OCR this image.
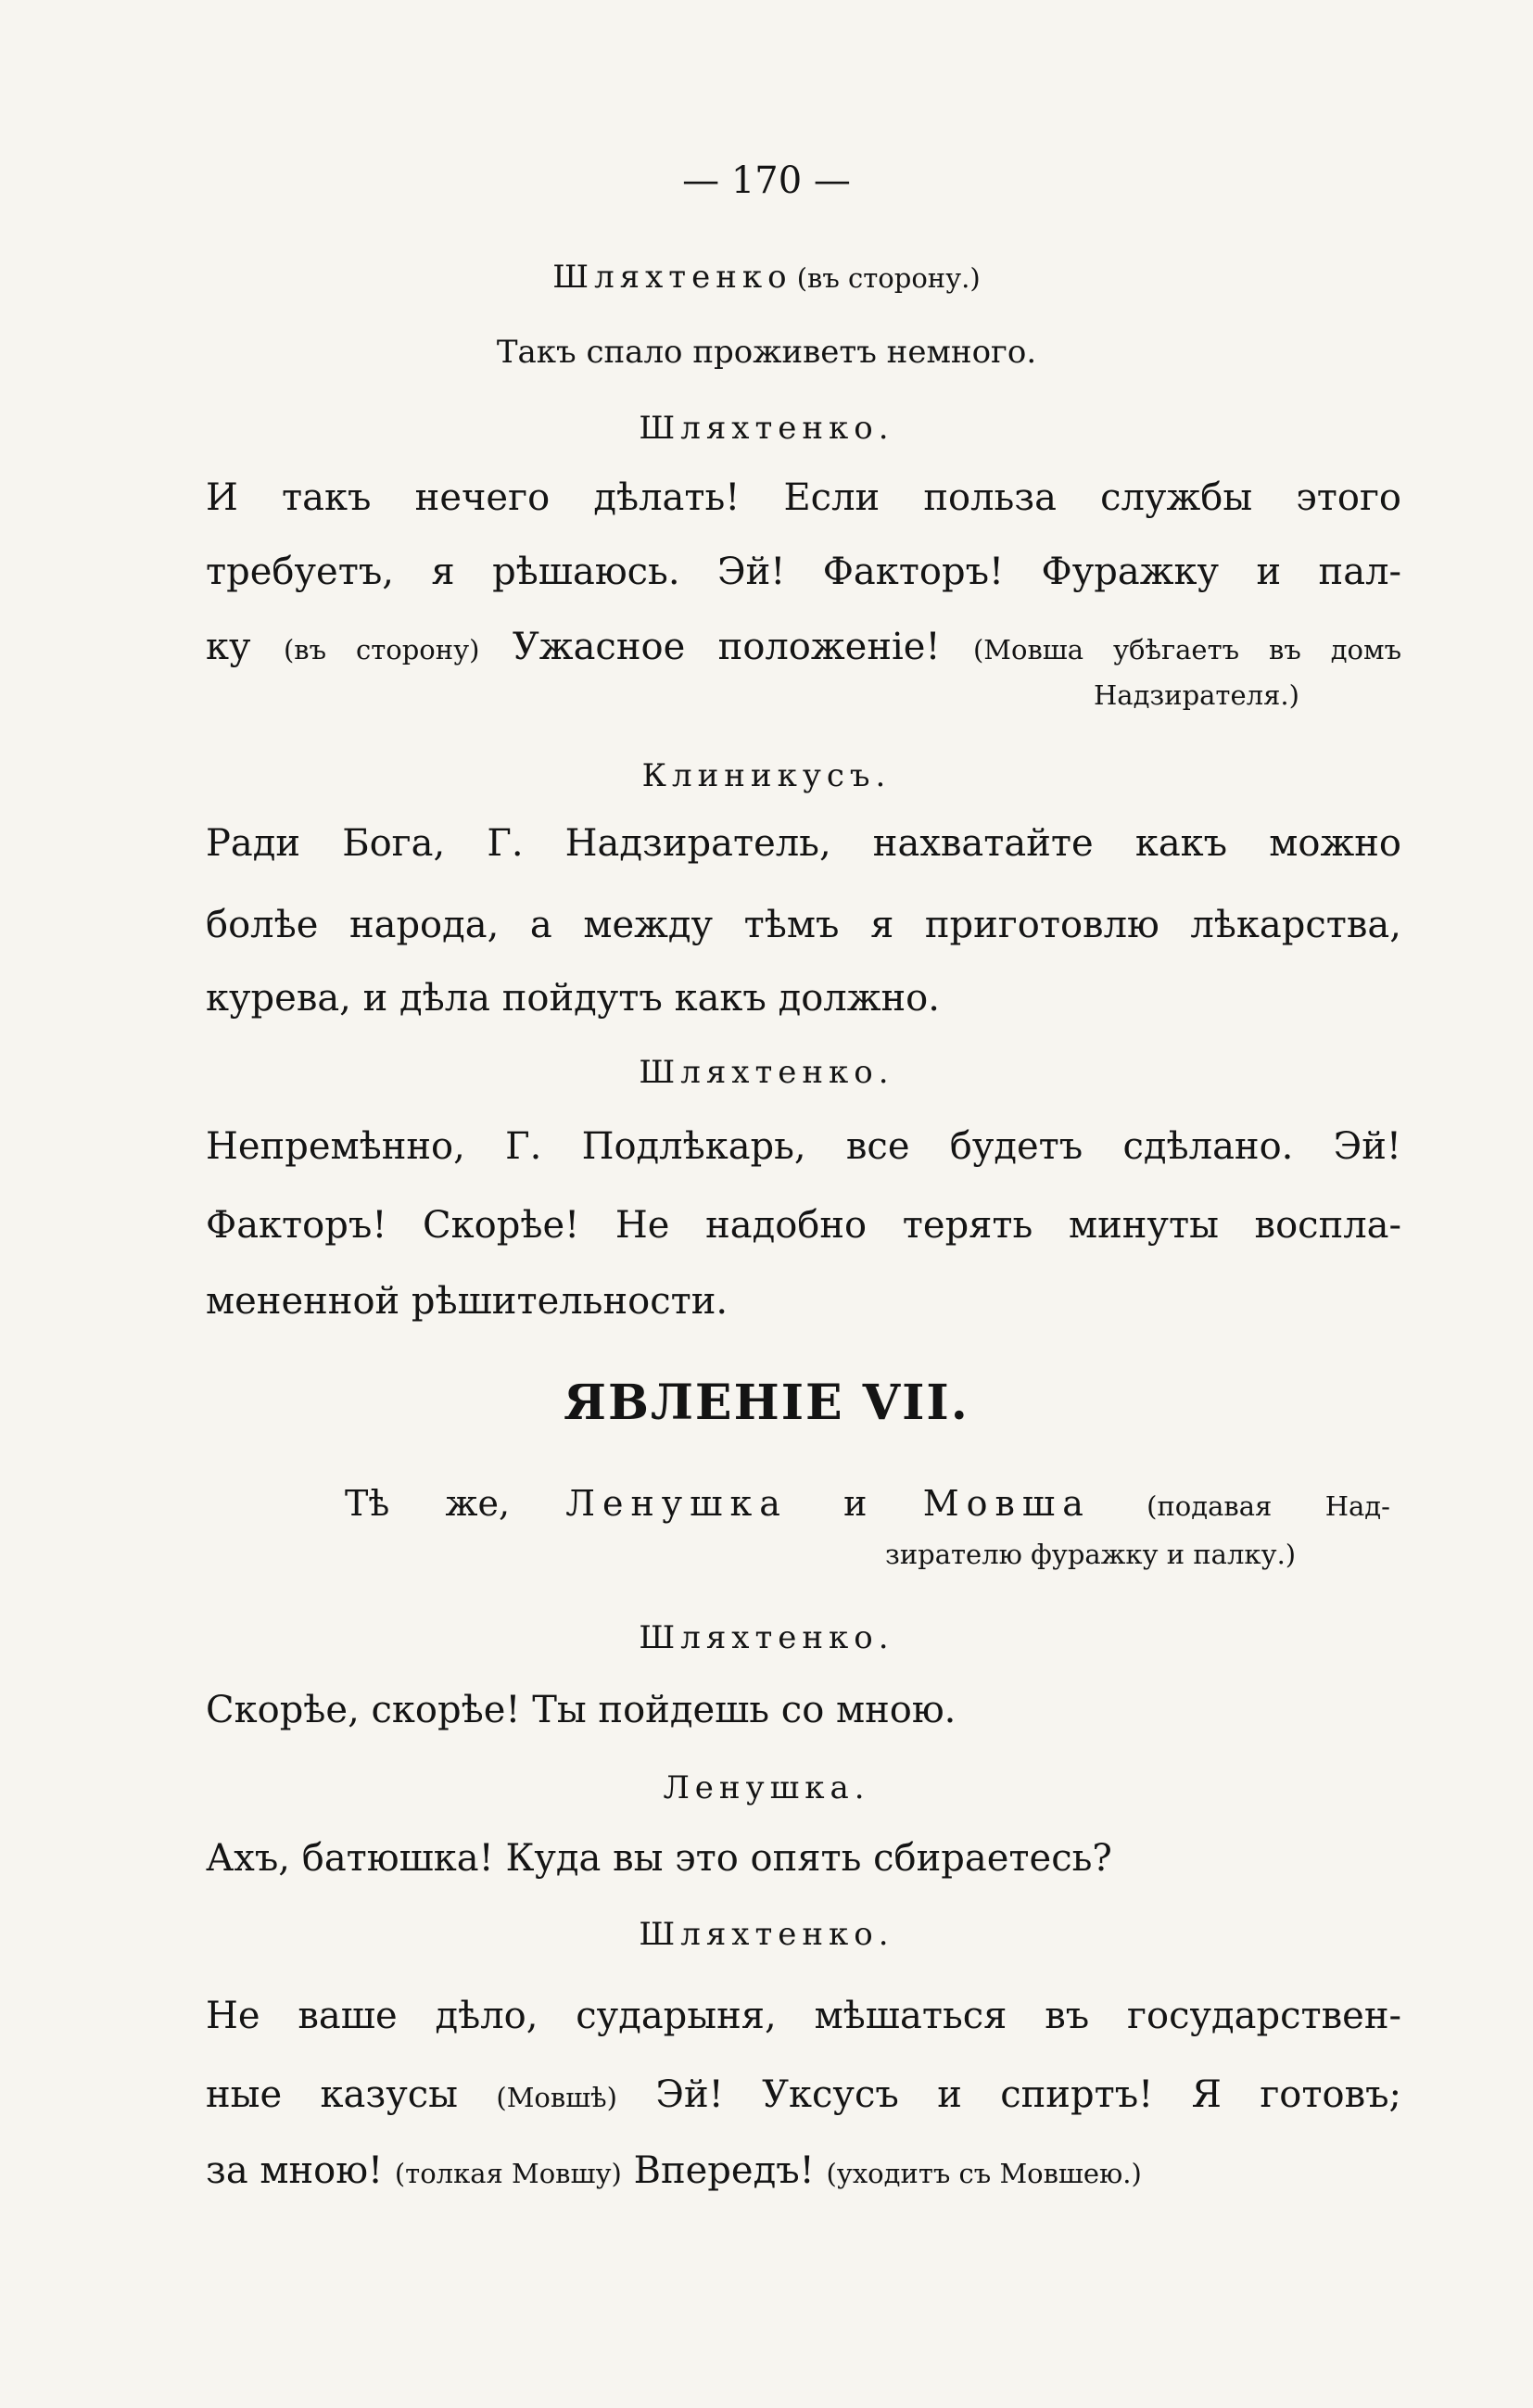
— 170 —
Шляхтенко (въ сторону.)
Такъ спало проживетъ немного.
Шляхтенко.
И такъ нечего дѣлать! Если польза службы этого
требуетъ, я рѣшаюсь. Эй! Факторъ! Фуражку и пал-
ку (въ сторону) Ужасное положеніе! (Мовша убѣгаетъ въ домъ
Надзирателя.)
Клиникусъ.
Ради Бога, Г. Надзиратель, нахватайте какъ можно
болѣе народа, а между тѣмъ я приготовлю лѣкарства,
курева, и дѣла пойдутъ какъ должно.
Шляхтенко.
Непремѣнно, Г. Подлѣкарь, все будетъ сдѣлано. Эй!
Факторъ! Скорѣе! Не надобно терять минуты воспла-
мененной рѣшительности.
ЯВЛЕНІЕ VII.
Тѣ же, Ленушка и Мовша (подавая Над-
зирателю фуражку и палку.)
Шляхтенко.
Скорѣе, скорѣе! Ты пойдешь со мною.
Ленушка.
Ахъ, батюшка! Куда вы это опять сбираетесь?
Шляхтенко.
Не ваше дѣло, сударыня, мѣшаться въ государствен-
ные казусы (Мовшѣ) Эй! Уксусъ и спиртъ! Я готовъ;
за мною! (толкая Мовшу) Впередъ! (уходитъ съ Мовшею.)
